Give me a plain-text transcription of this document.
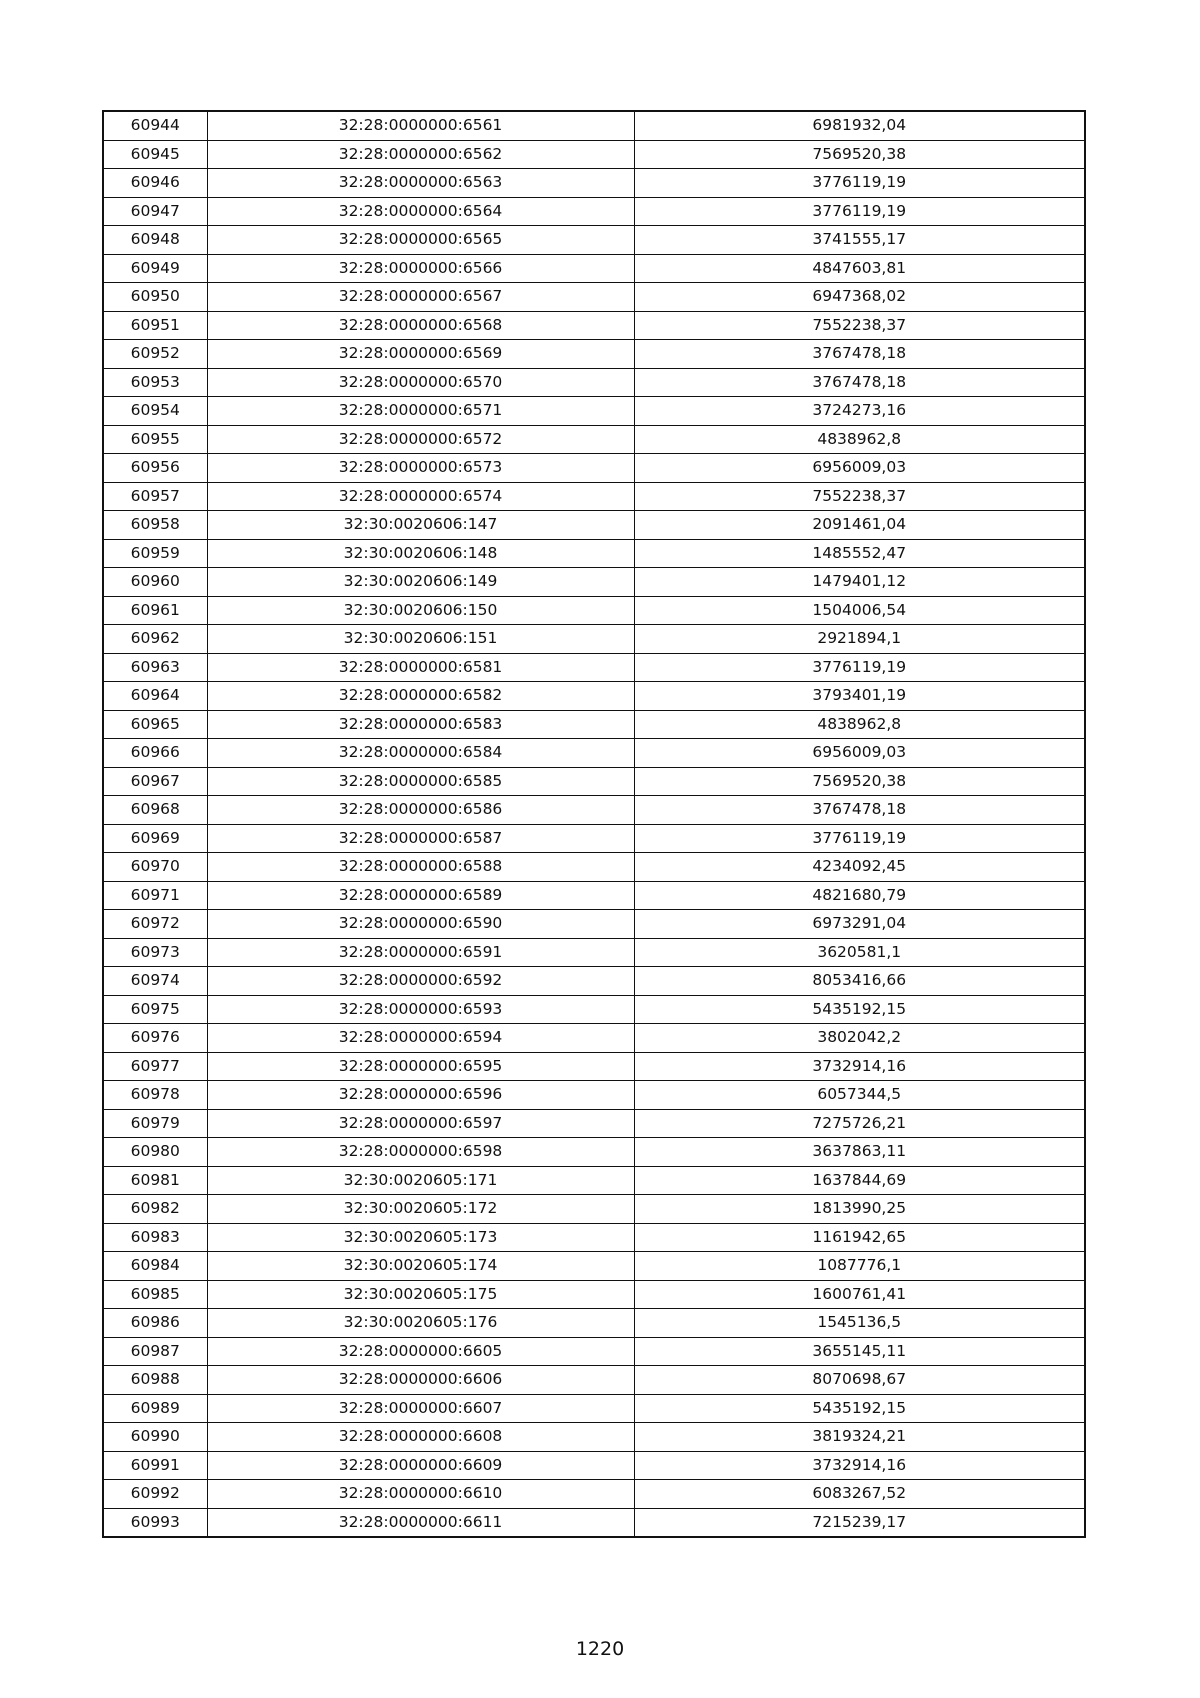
60944	32:28:0000000:6561	6981932,04
60945	32:28:0000000:6562	7569520,38
60946	32:28:0000000:6563	3776119,19
60947	32:28:0000000:6564	3776119,19
60948	32:28:0000000:6565	3741555,17
60949	32:28:0000000:6566	4847603,81
60950	32:28:0000000:6567	6947368,02
60951	32:28:0000000:6568	7552238,37
60952	32:28:0000000:6569	3767478,18
60953	32:28:0000000:6570	3767478,18
60954	32:28:0000000:6571	3724273,16
60955	32:28:0000000:6572	4838962,8
60956	32:28:0000000:6573	6956009,03
60957	32:28:0000000:6574	7552238,37
60958	32:30:0020606:147	2091461,04
60959	32:30:0020606:148	1485552,47
60960	32:30:0020606:149	1479401,12
60961	32:30:0020606:150	1504006,54
60962	32:30:0020606:151	2921894,1
60963	32:28:0000000:6581	3776119,19
60964	32:28:0000000:6582	3793401,19
60965	32:28:0000000:6583	4838962,8
60966	32:28:0000000:6584	6956009,03
60967	32:28:0000000:6585	7569520,38
60968	32:28:0000000:6586	3767478,18
60969	32:28:0000000:6587	3776119,19
60970	32:28:0000000:6588	4234092,45
60971	32:28:0000000:6589	4821680,79
60972	32:28:0000000:6590	6973291,04
60973	32:28:0000000:6591	3620581,1
60974	32:28:0000000:6592	8053416,66
60975	32:28:0000000:6593	5435192,15
60976	32:28:0000000:6594	3802042,2
60977	32:28:0000000:6595	3732914,16
60978	32:28:0000000:6596	6057344,5
60979	32:28:0000000:6597	7275726,21
60980	32:28:0000000:6598	3637863,11
60981	32:30:0020605:171	1637844,69
60982	32:30:0020605:172	1813990,25
60983	32:30:0020605:173	1161942,65
60984	32:30:0020605:174	1087776,1
60985	32:30:0020605:175	1600761,41
60986	32:30:0020605:176	1545136,5
60987	32:28:0000000:6605	3655145,11
60988	32:28:0000000:6606	8070698,67
60989	32:28:0000000:6607	5435192,15
60990	32:28:0000000:6608	3819324,21
60991	32:28:0000000:6609	3732914,16
60992	32:28:0000000:6610	6083267,52
60993	32:28:0000000:6611	7215239,17
1220
